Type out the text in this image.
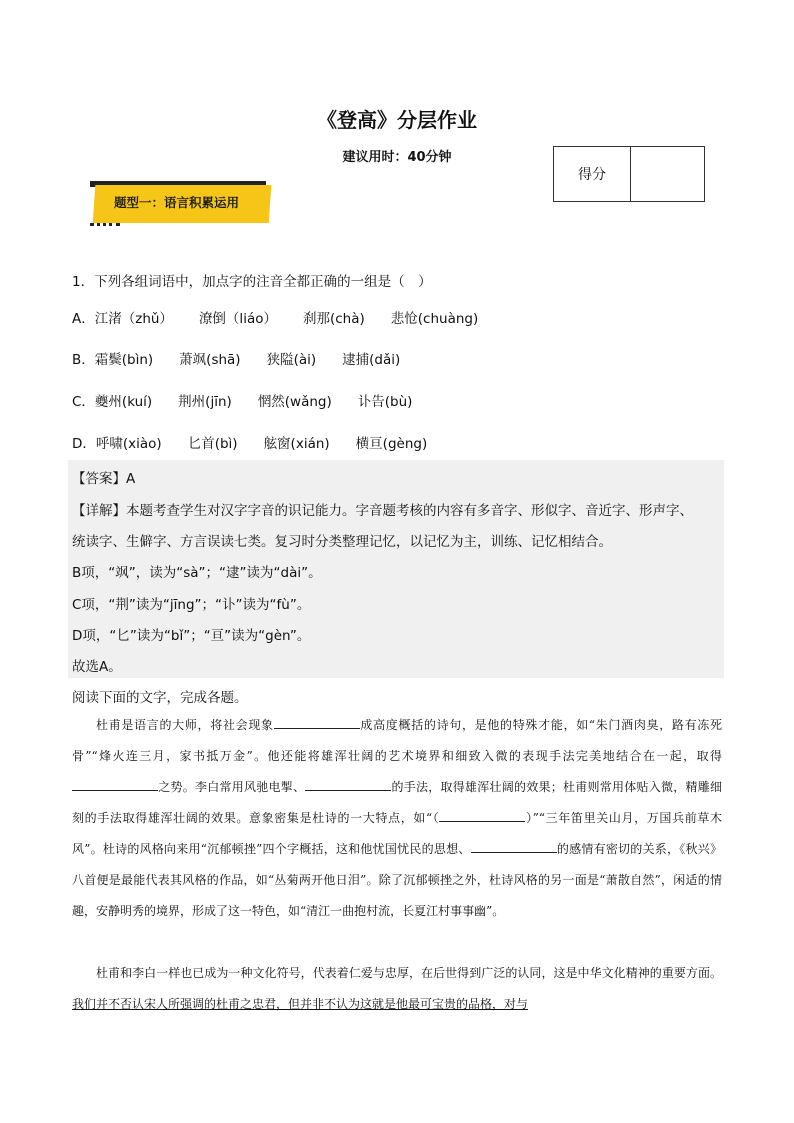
《登高》分层作业
建议用时：40分钟
得分
题型一：语言积累运用
1．下列各组词语中，加点字的注音全都正确的一组是（　）
A．江渚（zhǔ） 潦倒（liáo） 刹那(chà) 悲怆(chuàng)
B．霜鬓(bìn) 萧飒(shā) 狭隘(ài) 逮捕(dǎi)
C．夔州(kuí) 荆州(jīn) 惘然(wǎng) 讣告(bù)
D．呼啸(xiào) 匕首(bì) 舷窗(xián) 横亘(gèng)
【答案】A
【详解】本题考查学生对汉字字音的识记能力。字音题考核的内容有多音字、形似字、音近字、形声字、
统读字、生僻字、方言误读七类。复习时分类整理记忆，以记忆为主，训练、记忆相结合。
B项，“飒”，读为“sà”；“逮”读为“dài”。
C项，“荆”读为“jīng”；“讣”读为“fù”。
D项，“匕”读为“bǐ”；“亘”读为“gèn”。
故选A。
阅读下面的文字，完成各题。
杜甫是语言的大师，将社会现象	成高度概括的诗句，是他的特殊才能，如“朱门酒肉臭，路有冻死骨”“烽火连三月，家书抵万金”。他还能将雄浑壮阔的艺术境界和细致入微的表现手法完美地结合在一起，取得之势。李白常用风驰电掣、	的手法，取得雄浑壮阔的效果；杜甫则常用体贴入微，精雕细刻的手法取得雄浑壮阔的效果。意象密集是杜诗的一大特点，如“（	）”“三年笛里关山月，万国兵前草木风”。杜诗的风格向来用“沉郁顿挫”四个字概括，这和他忧国忧民的思想、	的感情有密切的关系，《秋兴》八首便是最能代表其风格的作品，如“丛菊两开他日泪”。除了沉郁顿挫之外，杜诗风格的另一面是“萧散自然”，闲适的情趣，安静明秀的境界，形成了这一特色，如“清江一曲抱村流，长夏江村事事幽”。
杜甫和李白一样也已成为一种文化符号，代表着仁爱与忠厚，在后世得到广泛的认同，这是中华文化精神的重要方面。我们并不否认宋人所强调的杜甫之忠君，但并非不认为这就是他最可宝贵的品格，对与
